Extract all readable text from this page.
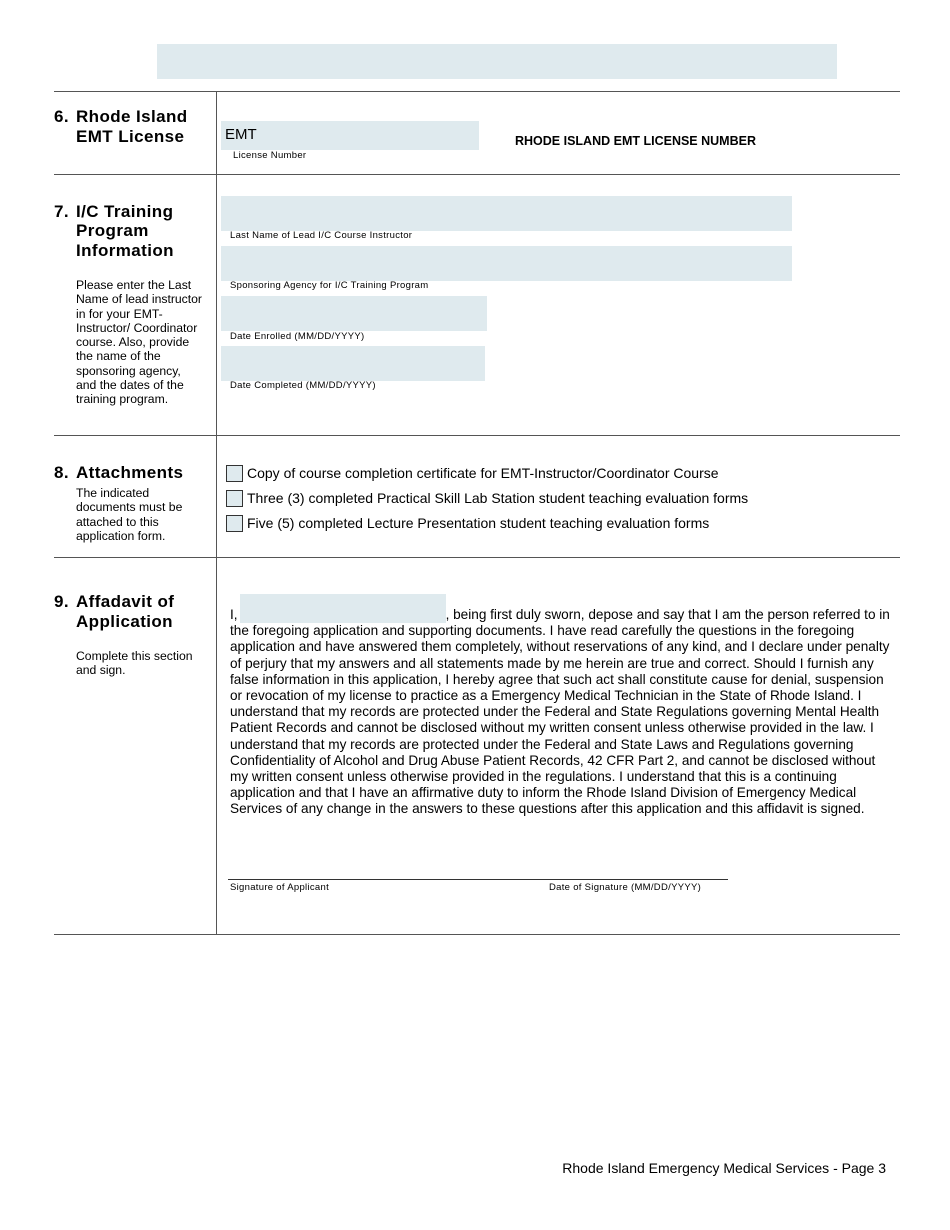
6. Rhode Island
EMT License	EMT
License Number
RHODE ISLAND EMT LICENSE NUMBER
7. I/C Training
Program
Information
Please enter the Last Name of lead instructor in for your EMT-Instructor/ Coordinator course. Also, provide the name of the sponsoring agency, and the dates of the training program.
Last Name of Lead I/C Course Instructor
Sponsoring Agency for I/C Training Program
Date Enrolled (MM/DD/YYYY)
Date Completed (MM/DD/YYYY)
8. Attachments
The indicated documents must be attached to this application form.
Copy of course completion certificate for EMT-Instructor/Coordinator Course
Three (3) completed Practical Skill Lab Station student teaching evaluation forms
Five (5) completed Lecture Presentation student teaching evaluation forms
9. Affadavit of
Application
Complete this section and sign.
I,	, being first duly sworn, depose and say that I am the person referred to in the foregoing application and supporting documents. I have read carefully the questions in the foregoing application and have answered them completely, without reservations of any kind, and I declare under penalty of perjury that my answers and all statements made by me herein are true and correct. Should I furnish any false information in this application, I hereby agree that such act shall constitute cause for denial, suspension or revocation of my license to practice as a Emergency Medical Technician in the State of Rhode Island. I understand that my records are protected under the Federal and State Regulations governing Mental Health Patient Records and cannot be disclosed without my written consent unless otherwise provided in the law. I understand that my records are protected under the Federal and State Laws and Regulations governing Confidentiality of Alcohol and Drug Abuse Patient Records, 42 CFR Part 2, and cannot be disclosed without my written consent unless otherwise provided in the regulations. I understand that this is a continuing application and that I have an affirmative duty to inform the Rhode Island Division of Emergency Medical Services of any change in the answers to these questions after this application and this affidavit is signed.
Signature of Applicant	Date of Signature (MM/DD/YYYY)
Rhode Island Emergency Medical Services - Page 3
